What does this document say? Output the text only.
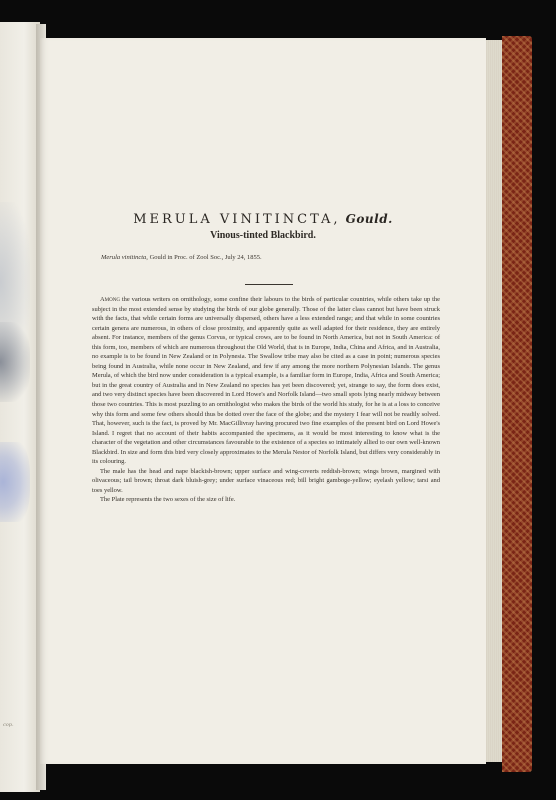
cop.
MERULA VINITINCTA, Gould.
Vinous-tinted Blackbird.
Merula vinitincta, Gould in Proc. of Zool Soc., July 24, 1855.

Among the various writers on ornithology, some confine their labours to the birds of particular countries, while others take up the subject in the most extended sense by studying the birds of our globe generally. Those of the latter class cannot but have been struck with the facts, that while certain forms are universally dispersed, others have a less extended range; and that while in some countries certain genera are numerous, in others of close proximity, and apparently quite as well adapted for their residence, they are entirely absent. For instance, members of the genus Corvus, or typical crows, are to be found in North America, but not in South America: of this form, too, members of which are numerous throughout the Old World, that is in Europe, India, China and Africa, and in Australia, no example is to be found in New Zealand or in Polynesia. The Swallow tribe may also be cited as a case in point; numerous species being found in Australia, while none occur in New Zealand, and few if any among the more northern Polynesian Islands. The genus Merula, of which the bird now under consideration is a typical example, is a familiar form in Europe, India, Africa and South America; but in the great country of Australia and in New Zealand no species has yet been discovered; yet, strange to say, the form does exist, and two very distinct species have been discovered in Lord Howe's and Norfolk Island—two small spots lying nearly midway between those two countries. This is most puzzling to an ornithologist who makes the birds of the world his study, for he is at a loss to conceive why this form and some few others should thus be dotted over the face of the globe; and the mystery I fear will not be readily solved. That, however, such is the fact, is proved by Mr. MacGillivray having procured two fine examples of the present bird on Lord Howe's Island. I regret that no account of their habits accompanied the specimens, as it would be most interesting to know what is the character of the vegetation and other circumstances favourable to the existence of a species so intimately allied to our own well-known Blackbird. In size and form this bird very closely approximates to the Merula Nestor of Norfolk Island, but differs very considerably in its colouring.

The male has the head and nape blackish-brown; upper surface and wing-coverts reddish-brown; wings brown, margined with olivaceous; tail brown; throat dark bluish-grey; under surface vinaceous red; bill bright gamboge-yellow; eyelash yellow; tarsi and toes yellow.

The Plate represents the two sexes of the size of life.
